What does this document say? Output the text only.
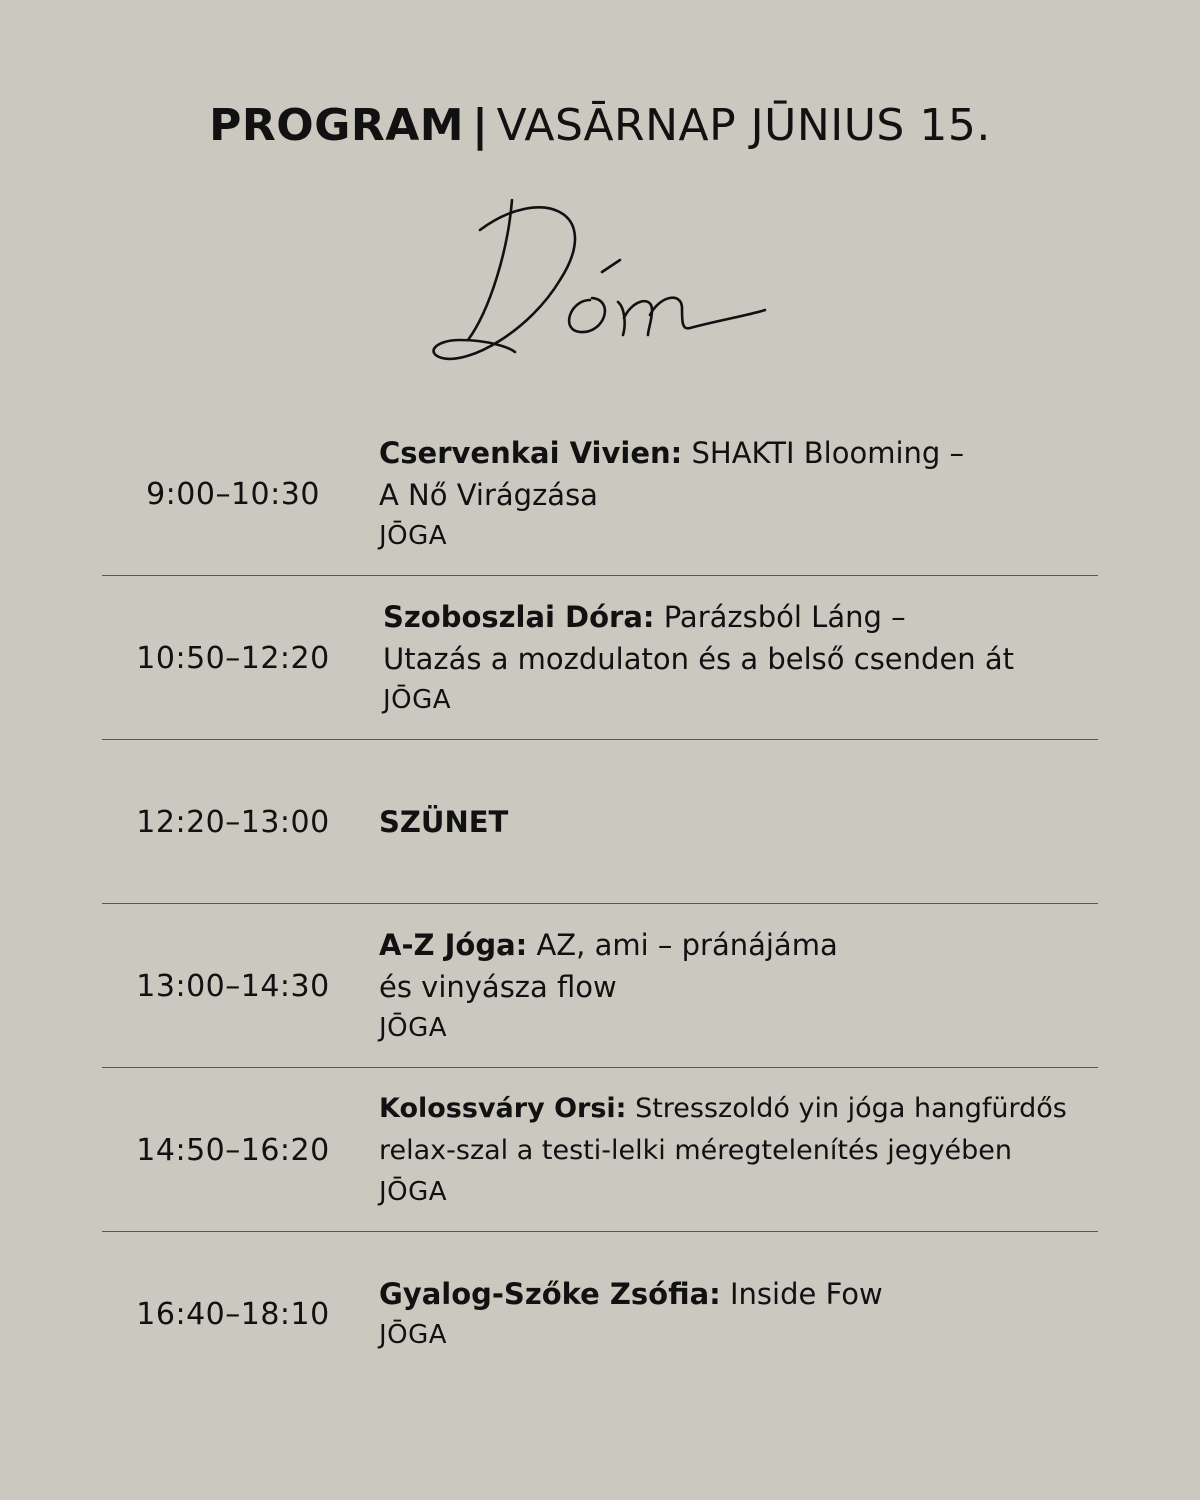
PROGRAM | VASĀRNAP JŪNIUS 15.
9:00–10:30
Cservenkai Vivien: SHAKTI Blooming –
A Nő Virágzása
JŌGA
10:50–12:20
Szoboszlai Dóra: Parázsból Láng –
Utazás a mozdulaton és a belső csenden át
JŌGA
12:20–13:00	SZÜNET
13:00–14:30
A-Z Jóga: AZ, ami – pránájáma
és vinyásza flow
JŌGA
14:50–16:20
Kolossváry Orsi: Stresszoldó yin jóga hangfürdős
relax-szal a testi-lelki méregtelenítés jegyében
JŌGA
16:40–18:10
Gyalog-Szőke Zsófia: Inside Fow
JŌGA
